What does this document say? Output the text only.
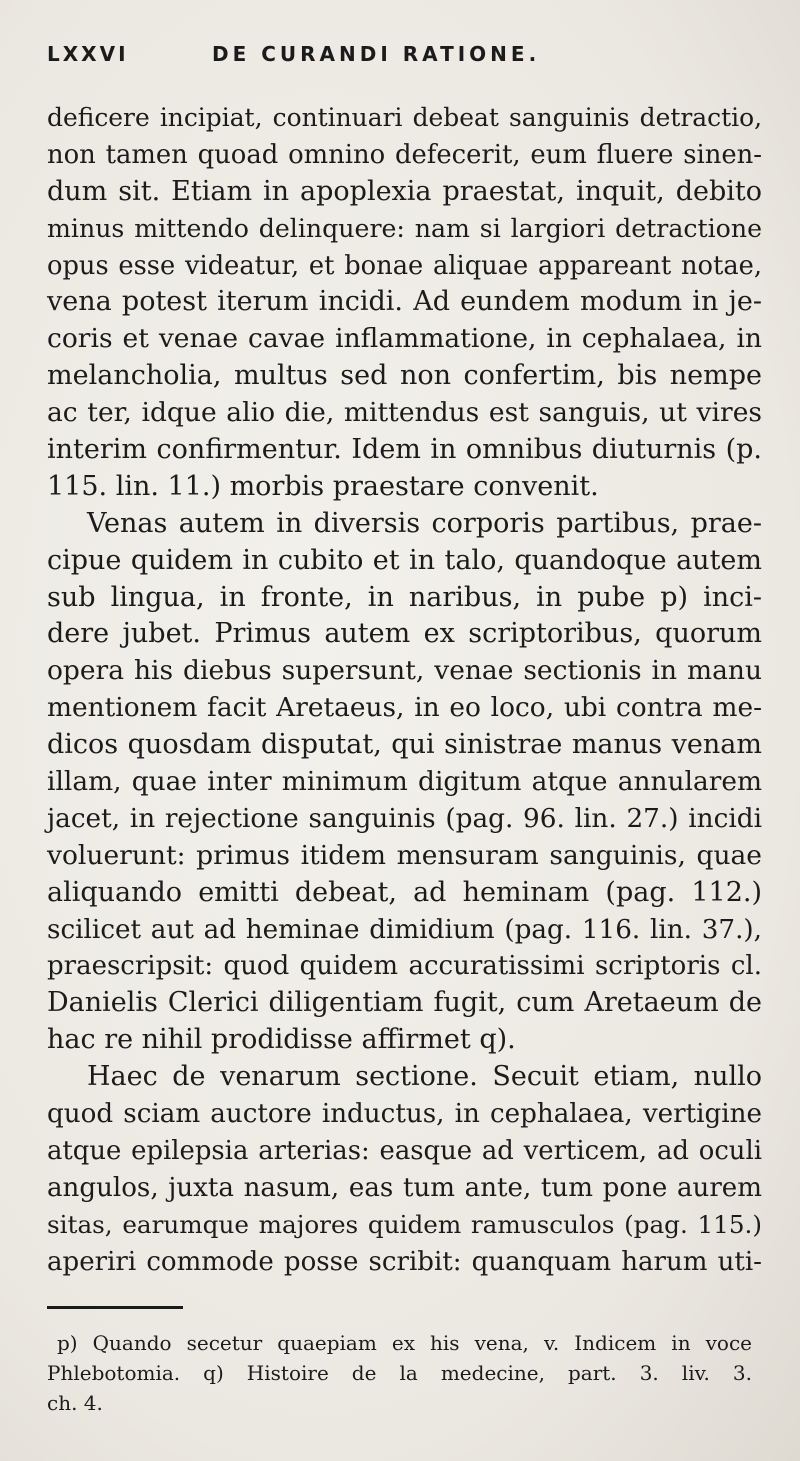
LXXVI	DE CURANDI RATIONE.
deficere incipiat, continuari debeat sanguinis detractio,
non tamen quoad omnino defecerit, eum fluere sinen-
dum sit. Etiam in apoplexia praestat, inquit, debito
minus mittendo delinquere: nam si largiori detractione
opus esse videatur, et bonae aliquae appareant notae,
vena potest iterum incidi. Ad eundem modum in je-
coris et venae cavae inflammatione, in cephalaea, in
melancholia, multus sed non confertim, bis nempe
ac ter, idque alio die, mittendus est sanguis, ut vires
interim confirmentur. Idem in omnibus diuturnis (p.
115. lin. 11.) morbis praestare convenit.
Venas autem in diversis corporis partibus, prae-
cipue quidem in cubito et in talo, quandoque autem
sub lingua, in fronte, in naribus, in pube p) inci-
dere jubet. Primus autem ex scriptoribus, quorum
opera his diebus supersunt, venae sectionis in manu
mentionem facit Aretaeus, in eo loco, ubi contra me-
dicos quosdam disputat, qui sinistrae manus venam
illam, quae inter minimum digitum atque annularem
jacet, in rejectione sanguinis (pag. 96. lin. 27.) incidi
voluerunt: primus itidem mensuram sanguinis, quae
aliquando emitti debeat, ad heminam (pag. 112.)
scilicet aut ad heminae dimidium (pag. 116. lin. 37.),
praescripsit: quod quidem accuratissimi scriptoris cl.
Danielis Clerici diligentiam fugit, cum Aretaeum de
hac re nihil prodidisse affirmet q).
Haec de venarum sectione. Secuit etiam, nullo
quod sciam auctore inductus, in cephalaea, vertigine
atque epilepsia arterias: easque ad verticem, ad oculi
angulos, juxta nasum, eas tum ante, tum pone aurem
sitas, earumque majores quidem ramusculos (pag. 115.)
aperiri commode posse scribit: quanquam harum uti-
p) Quando secetur quaepiam ex his vena, v. Indicem in voce
Phlebotomia. q) Histoire de la medecine, part. 3. liv. 3.
ch. 4.
